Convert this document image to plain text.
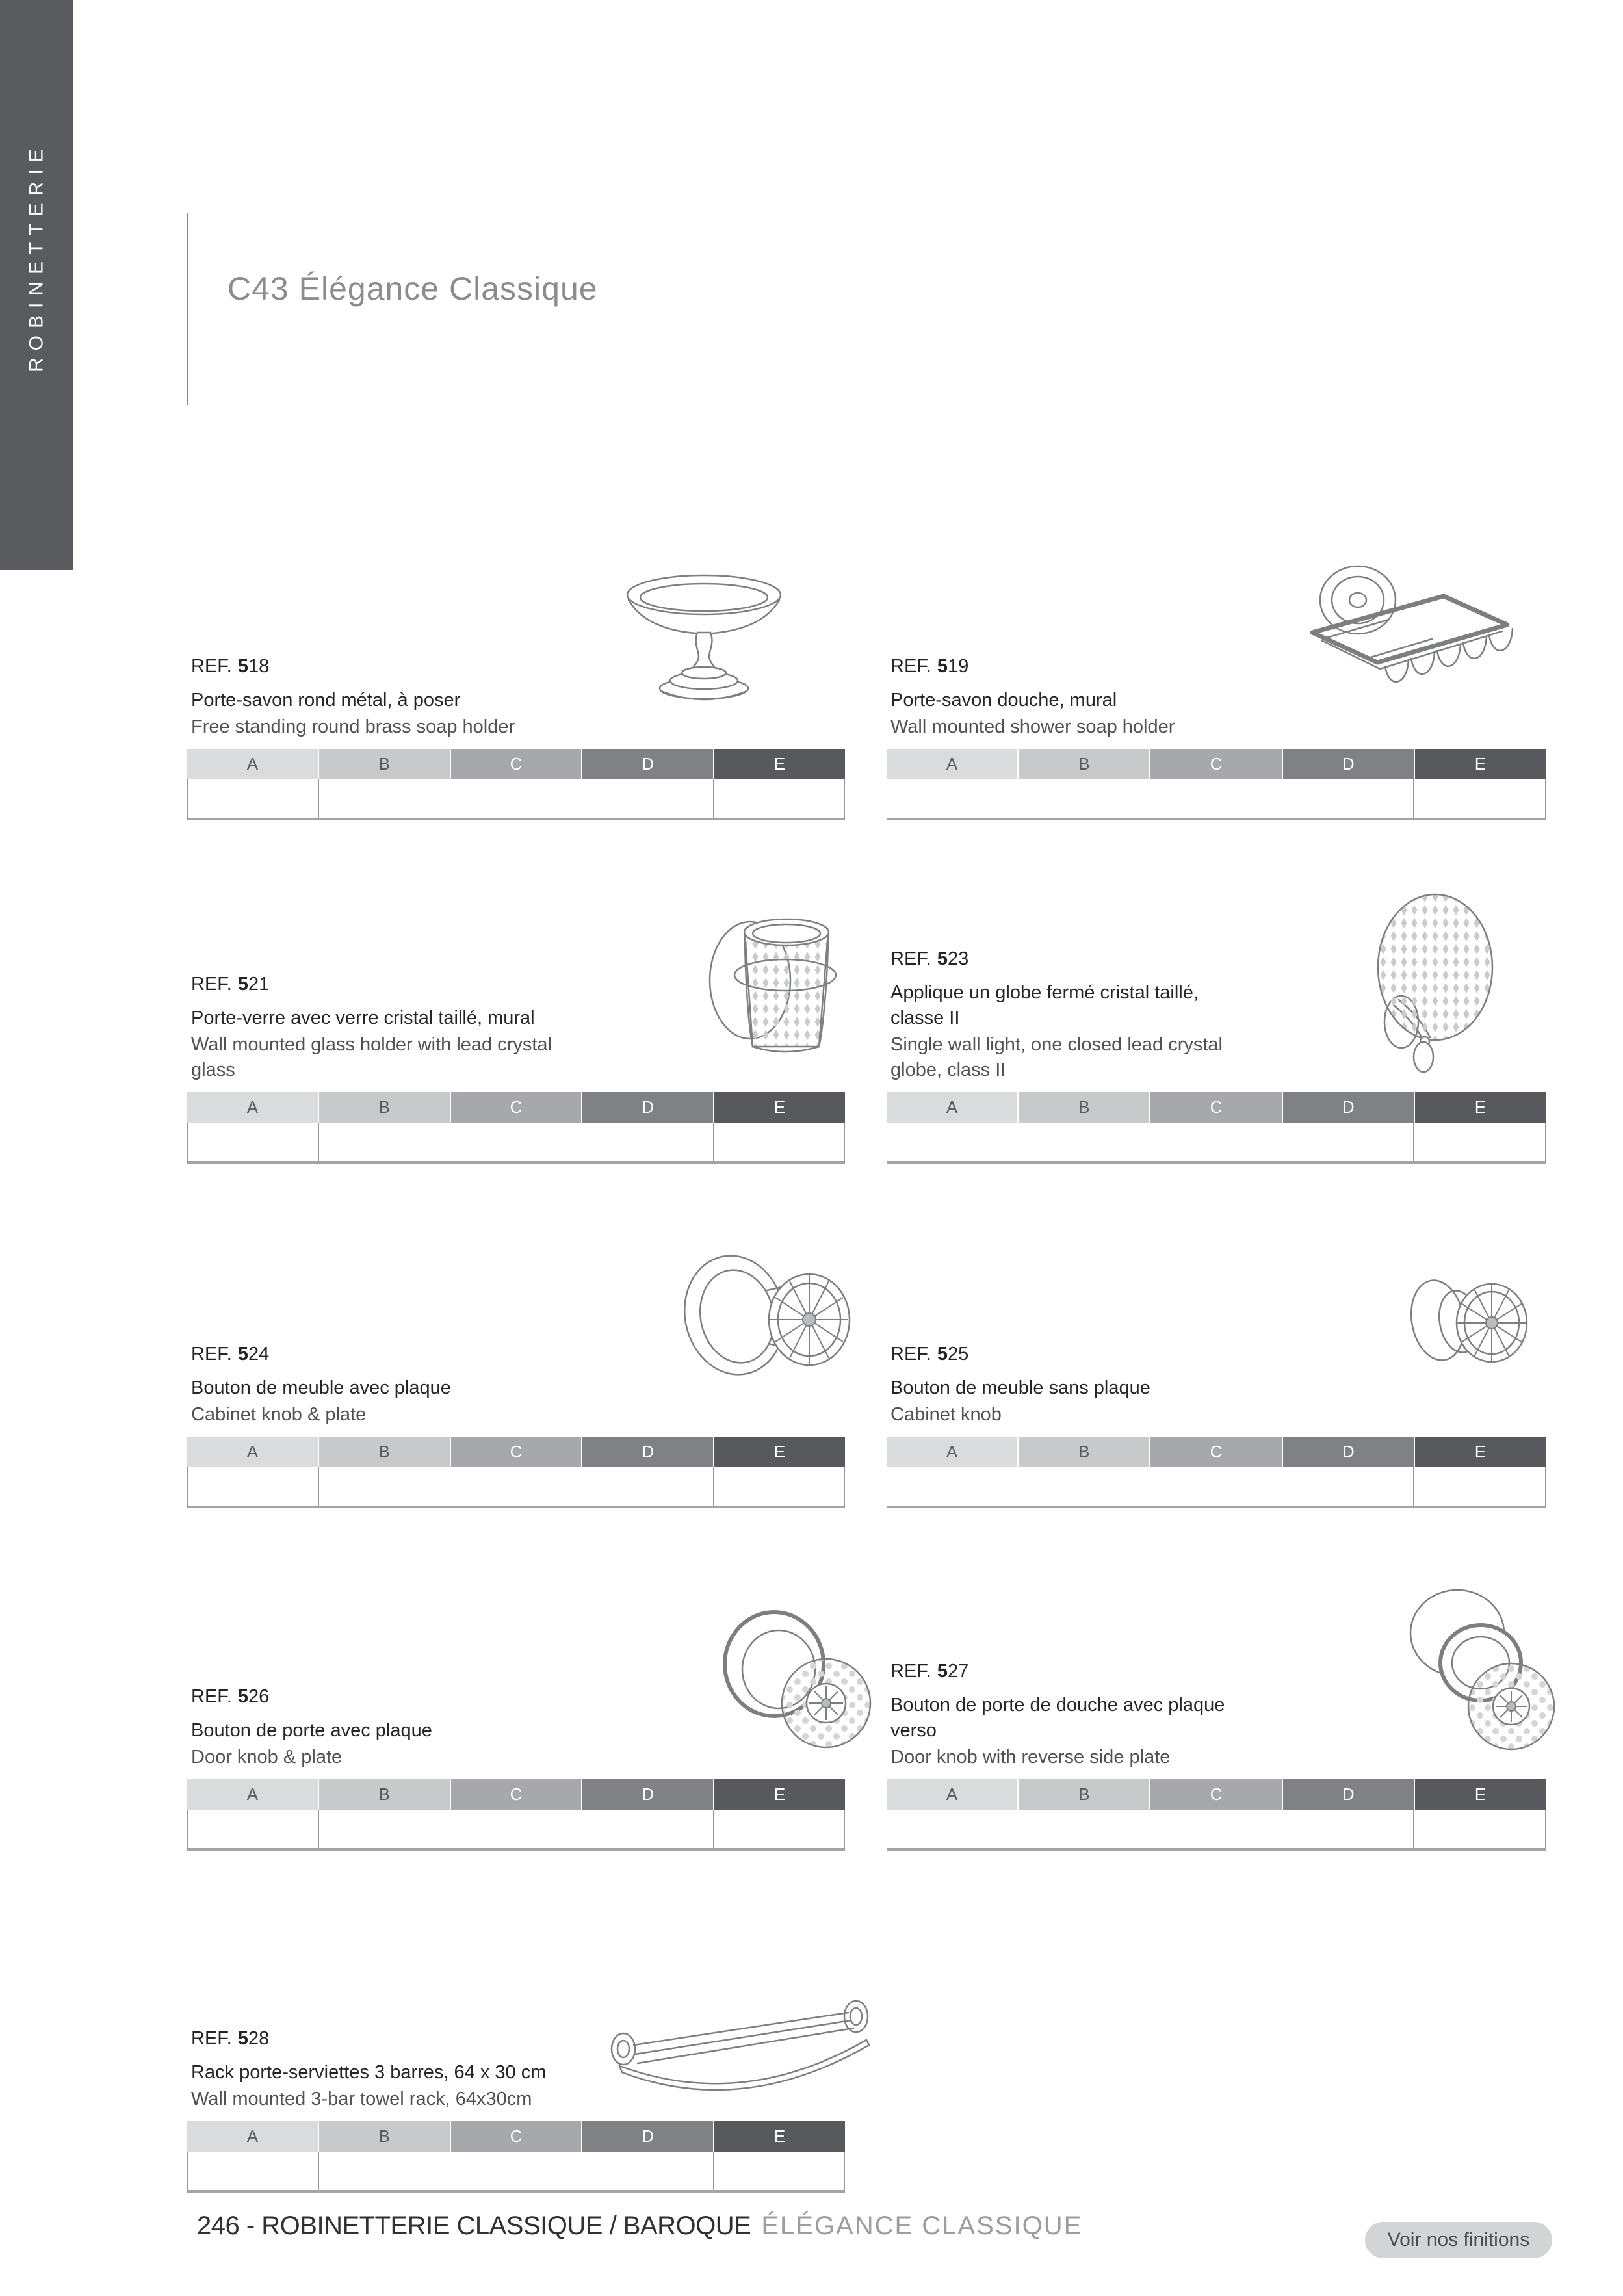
ROBINETTERIE	C43 Élégance Classique
REF. 518
Porte-savon rond métal, à poser
Free standing round brass soap holder
A	B	C	D	E
REF. 519
Porte-savon douche, mural
Wall mounted shower soap holder
A	B	C	D	E
REF. 521
Porte-verre avec verre cristal taillé, mural
Wall mounted glass holder with lead crystal
glass
A	B	C	D	E
REF. 523
Applique un globe fermé cristal taillé,
classe II
Single wall light, one closed lead crystal
globe, class II
A	B	C	D	E
REF. 524
Bouton de meuble avec plaque
Cabinet knob & plate
A	B	C	D	E
REF. 525
Bouton de meuble sans plaque
Cabinet knob
A	B	C	D	E
REF. 526
Bouton de porte avec plaque
Door knob & plate
A	B	C	D	E
REF. 527
Bouton de porte de douche avec plaque
verso
Door knob with reverse side plate
A	B	C	D	E
REF. 528
Rack porte-serviettes 3 barres, 64 x 30 cm
Wall mounted 3-bar towel rack, 64x30cm
A	B	C	D	E
246 - ROBINETTERIE CLASSIQUE / BAROQUE ÉLÉGANCE CLASSIQUE	Voir nos finitions
